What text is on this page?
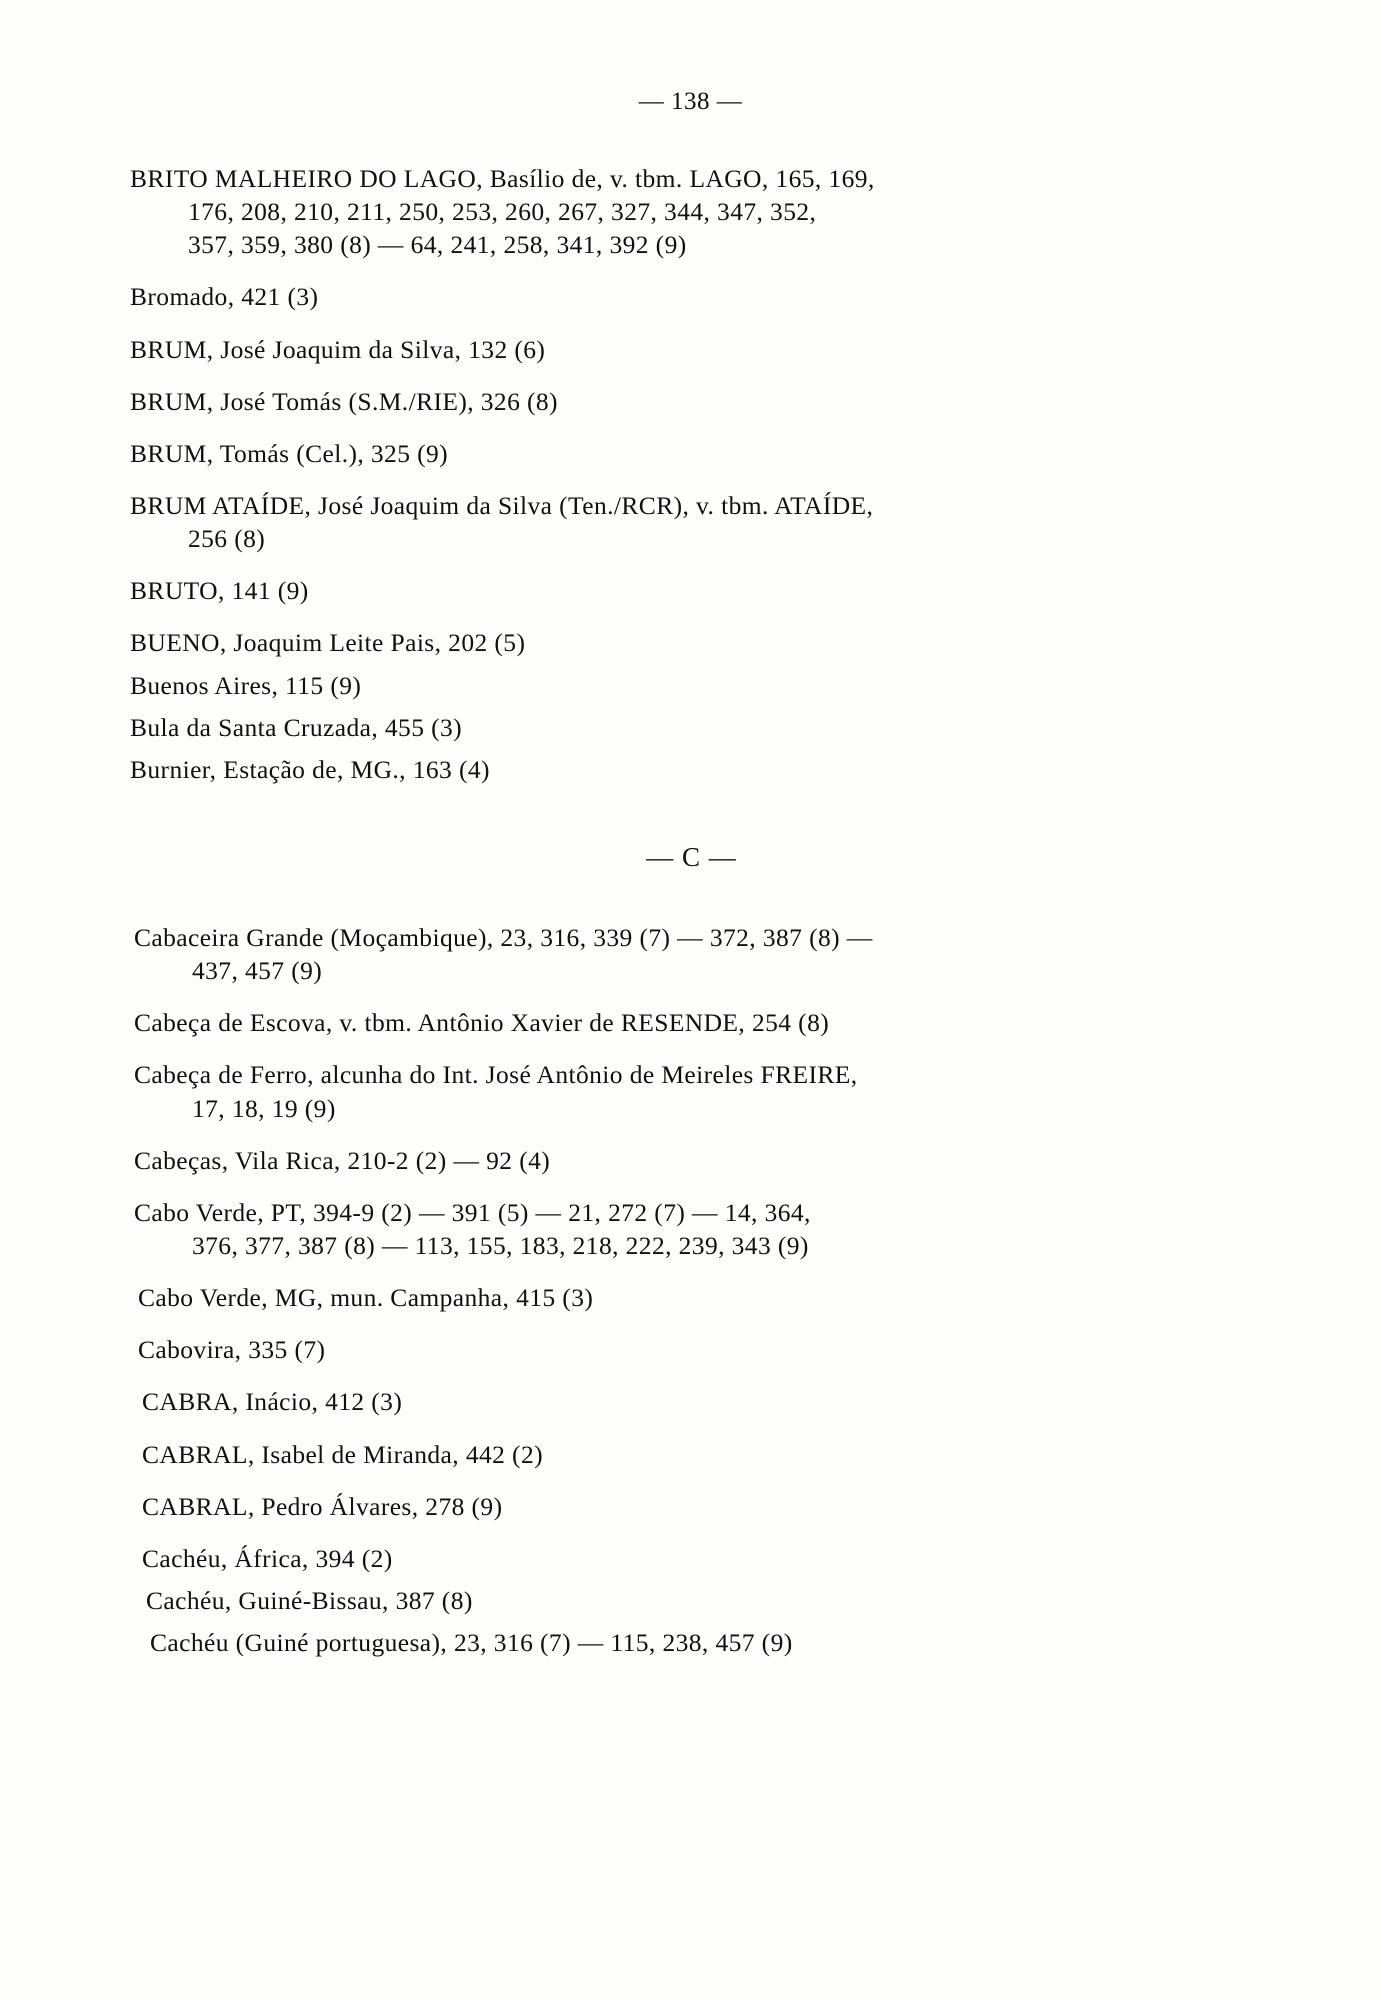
— 138 —
BRITO MALHEIRO DO LAGO, Basílio de, v. tbm. LAGO, 165, 169,
176, 208, 210, 211, 250, 253, 260, 267, 327, 344, 347, 352,
357, 359, 380 (8) — 64, 241, 258, 341, 392 (9)
Bromado, 421 (3)
BRUM, José Joaquim da Silva, 132 (6)
BRUM, José Tomás (S.M./RIE), 326 (8)
BRUM, Tomás (Cel.), 325 (9)
BRUM ATAÍDE, José Joaquim da Silva (Ten./RCR), v. tbm. ATAÍDE,
256 (8)
BRUTO, 141 (9)
BUENO, Joaquim Leite Pais, 202 (5)
Buenos Aires, 115 (9)
Bula da Santa Cruzada, 455 (3)
Burnier, Estação de, MG., 163 (4)
— C —
Cabaceira Grande (Moçambique), 23, 316, 339 (7) — 372, 387 (8) —
437, 457 (9)
Cabeça de Escova, v. tbm. Antônio Xavier de RESENDE, 254 (8)
Cabeça de Ferro, alcunha do Int. José Antônio de Meireles FREIRE,
17, 18, 19 (9)
Cabeças, Vila Rica, 210-2 (2) — 92 (4)
Cabo Verde, PT, 394-9 (2) — 391 (5) — 21, 272 (7) — 14, 364,
376, 377, 387 (8) — 113, 155, 183, 218, 222, 239, 343 (9)
Cabo Verde, MG, mun. Campanha, 415 (3)
Cabovira, 335 (7)
CABRA, Inácio, 412 (3)
CABRAL, Isabel de Miranda, 442 (2)
CABRAL, Pedro Álvares, 278 (9)
Cachéu, África, 394 (2)
Cachéu, Guiné-Bissau, 387 (8)
Cachéu (Guiné portuguesa), 23, 316 (7) — 115, 238, 457 (9)
